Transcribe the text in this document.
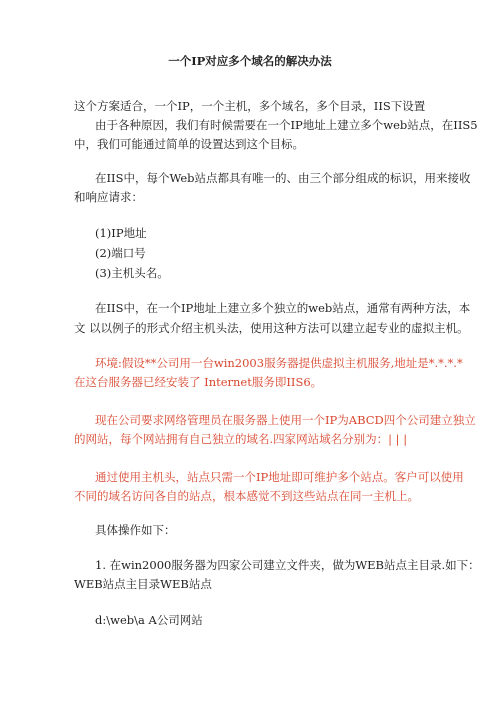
一个IP对应多个域名的解决办法
这个方案适合，一个IP，一个主机，多个域名，多个目录，IIS下设置
由于各种原因，我们有时候需要在一个IP地址上建立多个web站点，在IIS5
中，我们可能通过简单的设置达到这个目标。
在IIS中，每个Web站点都具有唯一的、由三个部分组成的标识，用来接收
和响应请求：
(1)IP地址
(2)端口号
(3)主机头名。
在IIS中，在一个IP地址上建立多个独立的web站点，通常有两种方法，本
文 以以例子的形式介绍主机头法，使用这种方法可以建立起专业的虚拟主机。
环境:假设**公司用一台win2003服务器提供虚拟主机服务,地址是*.*.*.*
在这台服务器已经安装了 Internet服务即IIS6。
现在公司要求网络管理员在服务器上使用一个IP为ABCD四个公司建立独立
的网站，每个网站拥有自己独立的域名.四家网站域名分别为：| | |
通过使用主机头，站点只需一个IP地址即可维护多个站点。客户可以使用
不同的域名访问各自的站点，根本感觉不到这些站点在同一主机上。
具体操作如下：
1. 在win2000服务器为四家公司建立文件夹，做为WEB站点主目录.如下：
WEB站点主目录WEB站点
d:\web\a A公司网站
